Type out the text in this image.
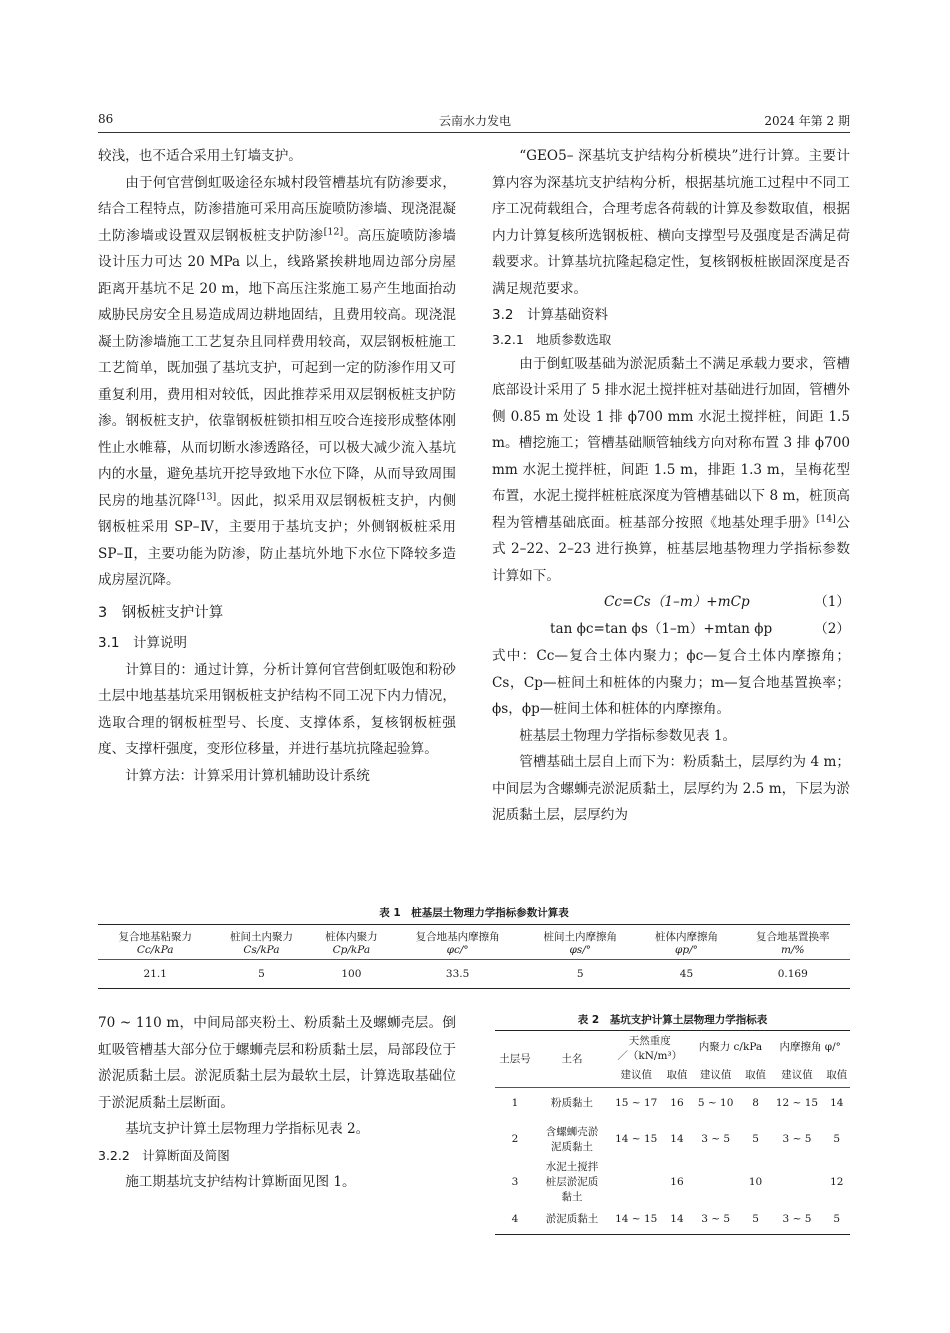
86	云南水力发电	2024 年第 2 期

较浅，也不适合采用土钉墙支护。

由于何官营倒虹吸途径东城村段管槽基坑有防渗要求，结合工程特点，防渗措施可采用高压旋喷防渗墙、现浇混凝土防渗墙或设置双层钢板桩支护防渗[12]。高压旋喷防渗墙设计压力可达 20 MPa 以上，线路紧挨耕地周边部分房屋距离开基坑不足 20 m，地下高压注浆施工易产生地面抬动威胁民房安全且易造成周边耕地固结，且费用较高。现浇混凝土防渗墙施工工艺复杂且同样费用较高，双层钢板桩施工工艺简单，既加强了基坑支护，可起到一定的防渗作用又可重复利用，费用相对较低，因此推荐采用双层钢板桩支护防渗。钢板桩支护，依靠钢板桩锁扣相互咬合连接形成整体刚性止水帷幕，从而切断水渗透路径，可以极大减少流入基坑内的水量，避免基坑开挖导致地下水位下降，从而导致周围民房的地基沉降[13]。因此，拟采用双层钢板桩支护，内侧钢板桩采用 SP–Ⅳ，主要用于基坑支护；外侧钢板桩采用 SP–Ⅱ，主要功能为防渗，防止基坑外地下水位下降较多造成房屋沉降。

3　钢板桩支护计算

3.1　计算说明

计算目的：通过计算，分析计算何官营倒虹吸饱和粉砂土层中地基基坑采用钢板桩支护结构不同工况下内力情况，选取合理的钢板桩型号、长度、支撑体系，复核钢板桩强度、支撑杆强度，变形位移量，并进行基坑抗隆起验算。

计算方法：计算采用计算机辅助设计系统

“GEO5– 深基坑支护结构分析模块”进行计算。主要计算内容为深基坑支护结构分析，根据基坑施工过程中不同工序工况荷载组合，合理考虑各荷载的计算及参数取值，根据内力计算复核所选钢板桩、横向支撑型号及强度是否满足荷载要求。计算基坑抗隆起稳定性，复核钢板桩嵌固深度是否满足规范要求。

3.2　计算基础资料

3.2.1　地质参数选取

由于倒虹吸基础为淤泥质黏土不满足承载力要求，管槽底部设计采用了 5 排水泥土搅拌桩对基础进行加固，管槽外侧 0.85 m 处设 1 排 ϕ700 mm 水泥土搅拌桩，间距 1.5 m。槽挖施工；管槽基础顺管轴线方向对称布置 3 排 ϕ700 mm 水泥土搅拌桩，间距 1.5 m，排距 1.3 m，呈梅花型布置，水泥土搅拌桩桩底深度为管槽基础以下 8 m，桩顶高程为管槽基础底面。桩基部分按照《地基处理手册》[14]公式 2–22、2–23 进行换算，桩基层地基物理力学指标参数计算如下。

Cc=Cs（1–m）+mCp	（1）
tan ϕc=tan ϕs（1–m）+mtan ϕp	（2）

式中：Cc—复合土体内聚力；ϕc—复合土体内摩擦角；Cs，Cp—桩间土和桩体的内聚力；m—复合地基置换率；ϕs，ϕp—桩间土体和桩体的内摩擦角。

桩基层土物理力学指标参数见表 1。

管槽基础土层自上而下为：粉质黏土，层厚约为 4 m；中间层为含螺蛳壳淤泥质黏土，层厚约为 2.5 m，下层为淤泥质黏土层，层厚约为

表 1　桩基层土物理力学指标参数计算表
复合地基粘聚力	桩间土内聚力	桩体内聚力	复合地基内摩擦角	桩间土内摩擦角	桩体内摩擦角	复合地基置换率
Cc/kPa	Cs/kPa	Cp/kPa	φc/°	φs/°	φp/°	m/%
21.1	5	100	33.5	5	45	0.169

70 ~ 110 m，中间局部夹粉土、粉质黏土及螺蛳壳层。倒虹吸管槽基大部分位于螺蛳壳层和粉质黏土层，局部段位于淤泥质黏土层。淤泥质黏土层为最软土层，计算选取基础位于淤泥质黏土层断面。

基坑支护计算土层物理力学指标见表 2。

3.2.2　计算断面及简图

施工期基坑支护结构计算断面见图 1。

表 2　基坑支护计算土层物理力学指标表
土层号	土名	天然重度
／（kN/m³）		内聚力 c/kPa		内摩擦角 φ/°	
		建议值	取值	建议值	取值	建议值	取值
1	粉质黏土	15 ~ 17	16	5 ~ 10	8	12 ~ 15	14
2	含螺蛳壳淤泥质黏土	14 ~ 15	14	3 ~ 5	5	3 ~ 5	5
3	水泥土搅拌桩层淤泥质黏土		16		10		12
4	淤泥质黏土	14 ~ 15	14	3 ~ 5	5	3 ~ 5	5
